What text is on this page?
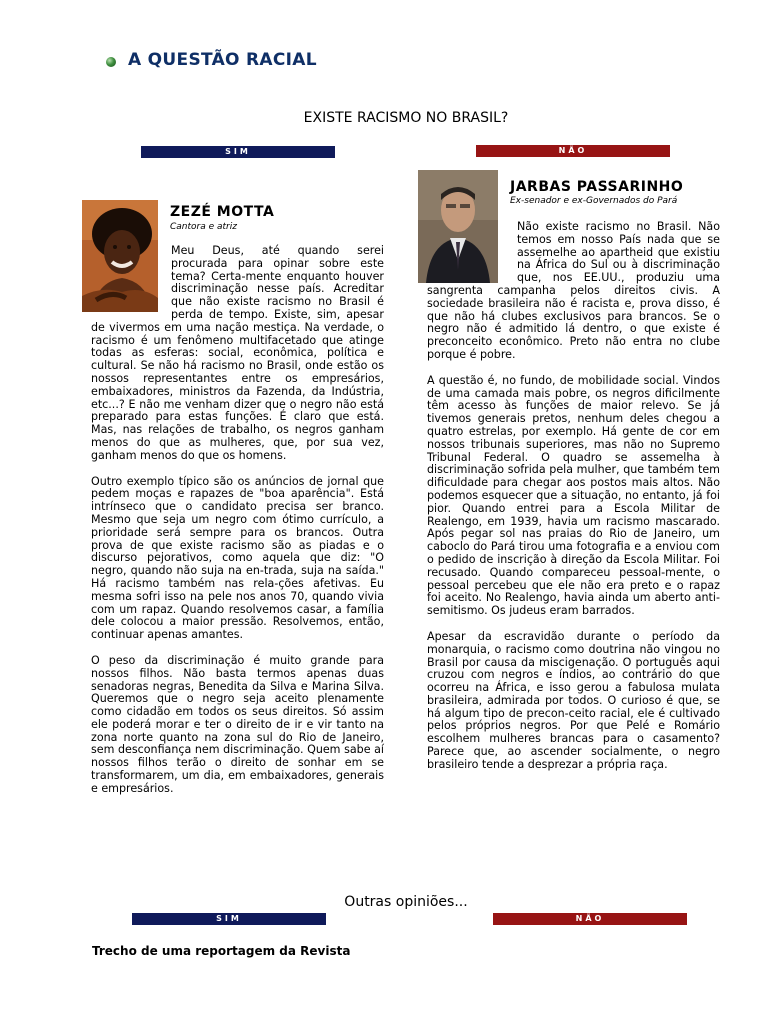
A QUESTÃO RACIAL
EXISTE RACISMO NO BRASIL?
SIM	NÃO
ZEZÉ MOTTA
Cantora e atriz
JARBAS PASSARINHO
Ex-senador e ex-Governados do Pará

Meu Deus, até quando serei procurada para opinar sobre este tema? Certa-mente enquanto houver discriminação nesse país. Acreditar que não existe racismo no Brasil é perda de tempo. Existe, sim, apesar de vivermos em uma nação mestiça. Na verdade, o racismo é um fenômeno multifacetado que atinge todas as esferas: social, econômica, política e cultural. Se não há racismo no Brasil, onde estão os nossos representantes entre os empresários, embaixadores, ministros da Fazenda, da Indústria, etc...? E não me venham dizer que o negro não está preparado para estas funções. É claro que está. Mas, nas relações de trabalho, os negros ganham menos do que as mulheres, que, por sua vez, ganham menos do que os homens.

Outro exemplo típico são os anúncios de jornal que pedem moças e rapazes de "boa aparência". Está intrínseco que o candidato precisa ser branco. Mesmo que seja um negro com ótimo currículo, a prioridade será sempre para os brancos. Outra prova de que existe racismo são as piadas e o discurso pejorativos, como aquela que diz: "O negro, quando não suja na en-trada, suja na saída." Há racismo também nas rela-ções afetivas. Eu mesma sofri isso na pele nos anos 70, quando vivia com um rapaz. Quando resolvemos casar, a família dele colocou a maior pressão. Resolvemos, então, continuar apenas amantes.

O peso da discriminação é muito grande para nossos filhos. Não basta termos apenas duas senadoras negras, Benedita da Silva e Marina Silva. Queremos que o negro seja aceito plenamente como cidadão em todos os seus direitos. Só assim ele poderá morar e ter o direito de ir e vir tanto na zona norte quanto na zona sul do Rio de Janeiro, sem desconfiança nem discriminação. Quem sabe aí nossos filhos terão o direito de sonhar em se transformarem, um dia, em embaixadores, generais e empresários.

Não existe racismo no Brasil. Não temos em nosso País nada que se assemelhe ao apartheid que existiu na África do Sul ou à discriminação que, nos EE.UU., produziu uma sangrenta campanha pelos direitos civis. A sociedade brasileira não é racista e, prova disso, é que não há clubes exclusivos para brancos. Se o negro não é admitido lá dentro, o que existe é preconceito econômico. Preto não entra no clube porque é pobre.

A questão é, no fundo, de mobilidade social. Vindos de uma camada mais pobre, os negros dificilmente têm acesso às funções de maior relevo. Se já tivemos generais pretos, nenhum deles chegou a quatro estrelas, por exemplo. Há gente de cor em nossos tribunais superiores, mas não no Supremo Tribunal Federal. O quadro se assemelha à discriminação sofrida pela mulher, que também tem dificuldade para chegar aos postos mais altos. Não podemos esquecer que a situação, no entanto, já foi pior. Quando entrei para a Escola Militar de Realengo, em 1939, havia um racismo mascarado. Após pegar sol nas praias do Rio de Janeiro, um caboclo do Pará tirou uma fotografia e a enviou com o pedido de inscrição à direção da Escola Militar. Foi recusado. Quando compareceu pessoal-mente, o pessoal percebeu que ele não era preto e o rapaz foi aceito. No Realengo, havia ainda um aberto anti-semitismo. Os judeus eram barrados.

Apesar da escravidão durante o período da monarquia, o racismo como doutrina não vingou no Brasil por causa da miscigenação. O português aqui cruzou com negros e índios, ao contrário do que ocorreu na África, e isso gerou a fabulosa mulata brasileira, admirada por todos. O curioso é que, se há algum tipo de precon-ceito racial, ele é cultivado pelos próprios negros. Por que Pelé e Romário escolhem mulheres brancas para o casamento? Parece que, ao ascender socialmente, o negro brasileiro tende a desprezar a própria raça.

Outras opiniões...
SIM	NÃO
Trecho de uma reportagem da Revista
